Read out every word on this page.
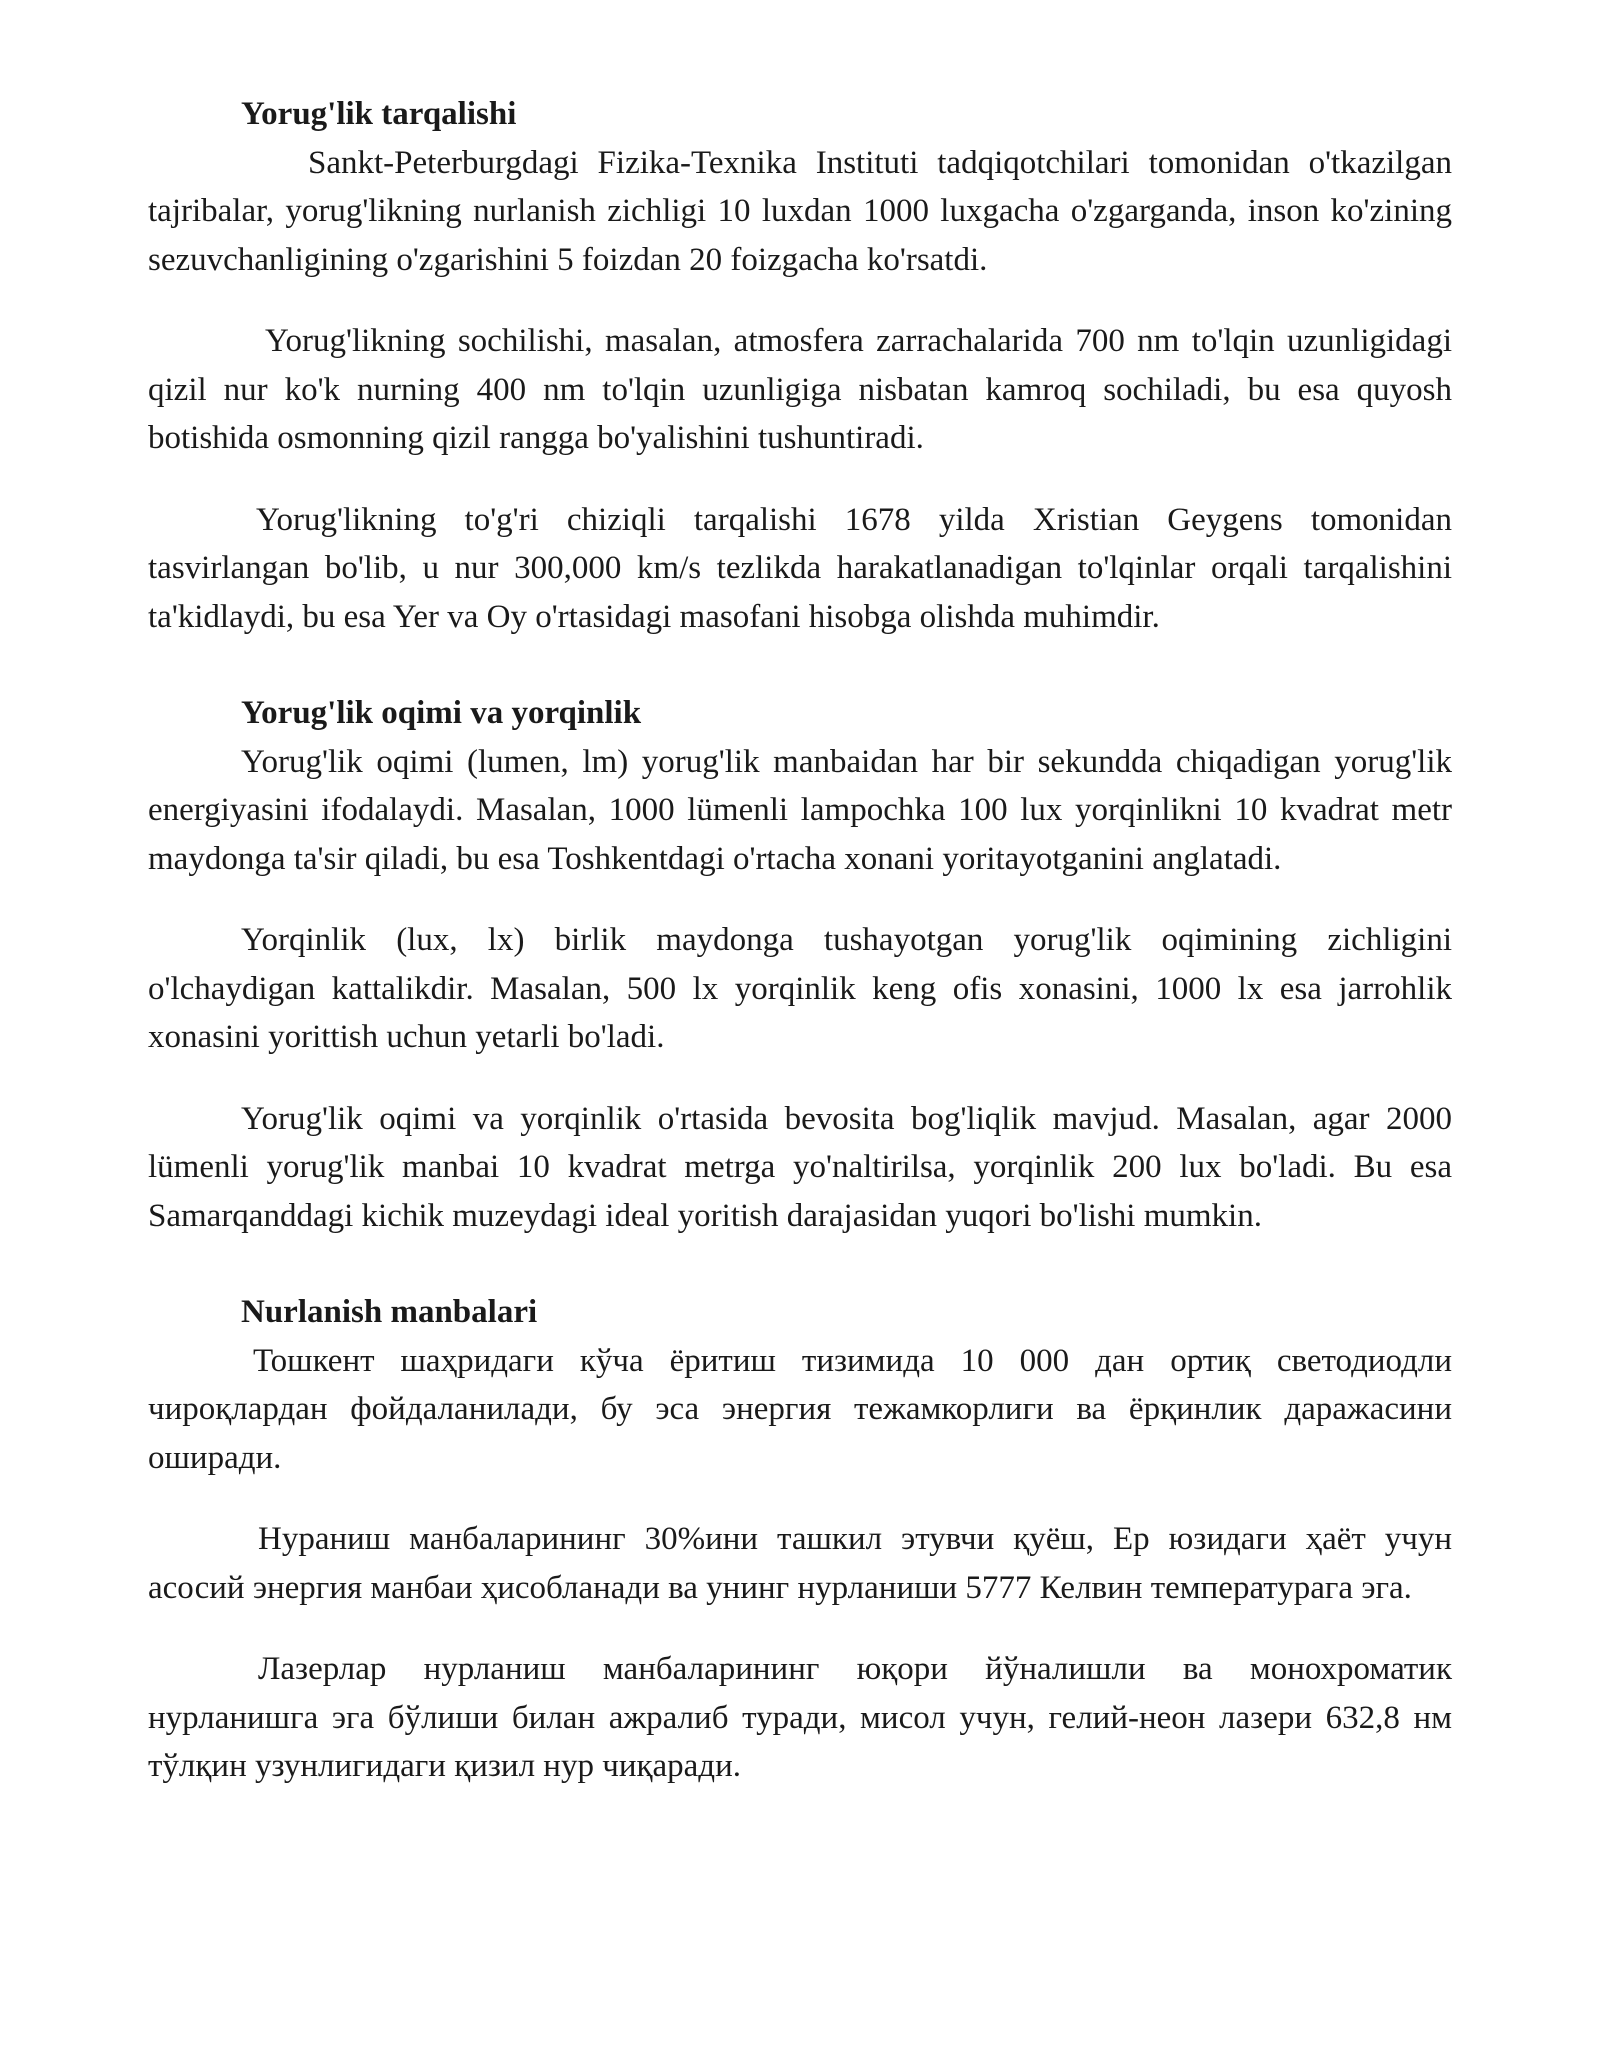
Yorug'lik tarqalishi

Sankt-Peterburgdagi Fizika-Texnika Instituti tadqiqotchilari tomonidan o'tkazilgan tajribalar, yorug'likning nurlanish zichligi 10 luxdan 1000 luxgacha o'zgarganda, inson ko'zining sezuvchanligining o'zgarishini 5 foizdan 20 foizgacha ko'rsatdi.

Yorug'likning sochilishi, masalan, atmosfera zarrachalarida 700 nm to'lqin uzunligidagi qizil nur ko'k nurning 400 nm to'lqin uzunligiga nisbatan kamroq sochiladi, bu esa quyosh botishida osmonning qizil rangga bo'yalishini tushuntiradi.

Yorug'likning to'g'ri chiziqli tarqalishi 1678 yilda Xristian Geygens tomonidan tasvirlangan bo'lib, u nur 300,000 km/s tezlikda harakatlanadigan to'lqinlar orqali tarqalishini ta'kidlaydi, bu esa Yer va Oy o'rtasidagi masofani hisobga olishda muhimdir.

Yorug'lik oqimi va yorqinlik

Yorug'lik oqimi (lumen, lm) yorug'lik manbaidan har bir sekundda chiqadigan yorug'lik energiyasini ifodalaydi. Masalan, 1000 lümenli lampochka 100 lux yorqinlikni 10 kvadrat metr maydonga ta'sir qiladi, bu esa Toshkentdagi o'rtacha xonani yoritayotganini anglatadi.

Yorqinlik (lux, lx) birlik maydonga tushayotgan yorug'lik oqimining zichligini o'lchaydigan kattalikdir. Masalan, 500 lx yorqinlik keng ofis xonasini, 1000 lx esa jarrohlik xonasini yorittish uchun yetarli bo'ladi.

Yorug'lik oqimi va yorqinlik o'rtasida bevosita bog'liqlik mavjud. Masalan, agar 2000 lümenli yorug'lik manbai 10 kvadrat metrga yo'naltirilsa, yorqinlik 200 lux bo'ladi. Bu esa Samarqanddagi kichik muzeydagi ideal yoritish darajasidan yuqori bo'lishi mumkin.

Nurlanish manbalari

Тошкент шаҳридаги кўча ёритиш тизимида 10 000 дан ортиқ светодиодли чироқлардан фойдаланилади, бу эса энергия тежамкорлиги ва ёрқинлик даражасини оширади.

Нураниш манбаларининг 30%ини ташкил этувчи қуёш, Ер юзидаги ҳаёт учун асосий энергия манбаи ҳисобланади ва унинг нурланиши 5777 Келвин температурага эга.

Лазерлар нурланиш манбаларининг юқори йўналишли ва монохроматик нурланишга эга бўлиши билан ажралиб туради, мисол учун, гелий-неон лазери 632,8 нм тўлқин узунлигидаги қизил нур чиқаради.
